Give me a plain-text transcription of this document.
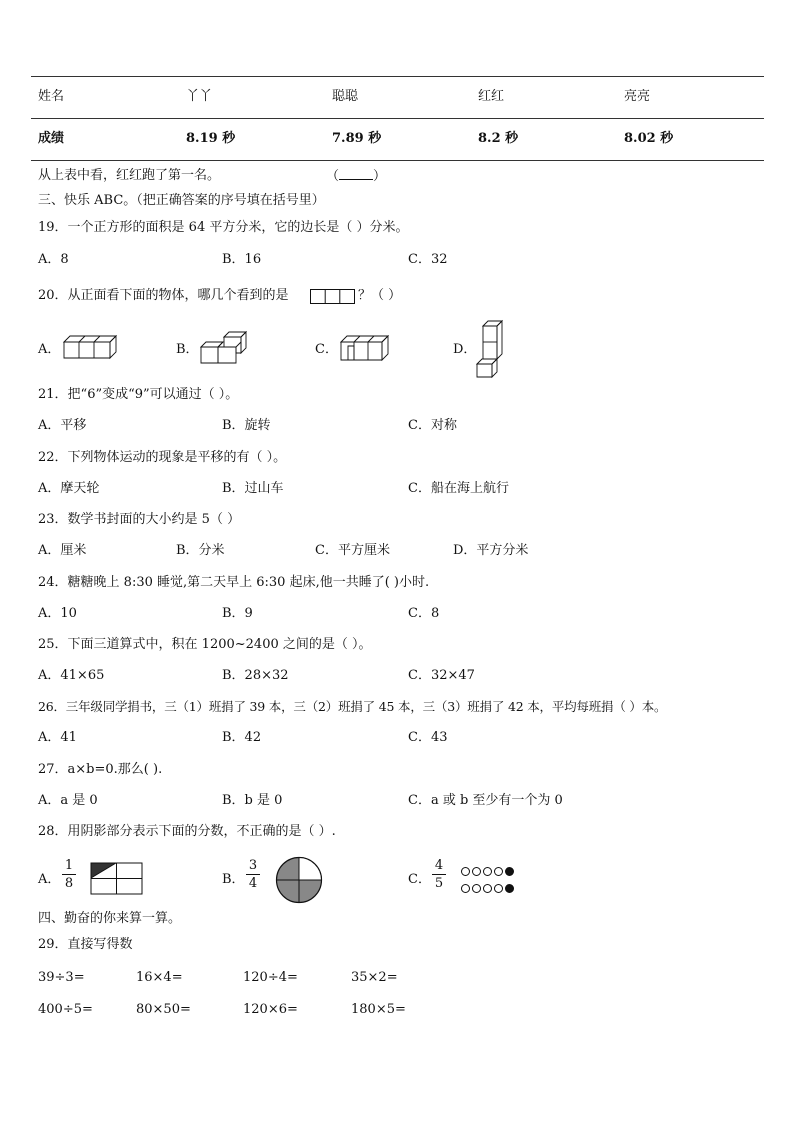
姓名	丫丫	聪聪	红红	亮亮
成绩	8.19 秒	7.89 秒	8.2 秒	8.02 秒
从上表中看，红红跑了第一名。	（	）
三、快乐 ABC。（把正确答案的序号填在括号里）
19．一个正方形的面积是 64 平方分米，它的边长是（ ）分米。
A．8	B．16	C．32
20．从正面看下面的物体，哪几个看到的是	？（ ）
A．	B．	C．	D．
21．把“6”变成“9”可以通过（ ）。
A．平移	B．旋转	C．对称
22．下列物体运动的现象是平移的有（ ）。
A．摩天轮	B．过山车	C．船在海上航行
23．数学书封面的大小约是 5（ ）
A．厘米	B．分米	C．平方厘米	D．平方分米
24．糖糖晚上 8:30 睡觉,第二天早上 6:30 起床,他一共睡了( )小时.
A．10	B．9	C．8
25．下面三道算式中，积在 1200~2400 之间的是（ ）。
A．41×65	B．28×32	C．32×47
26．三年级同学捐书，三（1）班捐了 39 本，三（2）班捐了 45 本，三（3）班捐了 42 本，平均每班捐（ ）本。
A．41	B．42	C．43
27．a×b=0.那么( ).
A．a 是 0	B．b 是 0	C．a 或 b 至少有一个为 0
28．用阴影部分表示下面的分数，不正确的是（ ）.
A．
1
8	B．
3
4	C．
4
5
四、勤奋的你来算一算。
29．直接写得数
39÷3=	16×4=	120÷4=	35×2=
400÷5=	80×50=	120×6=	180×5=
